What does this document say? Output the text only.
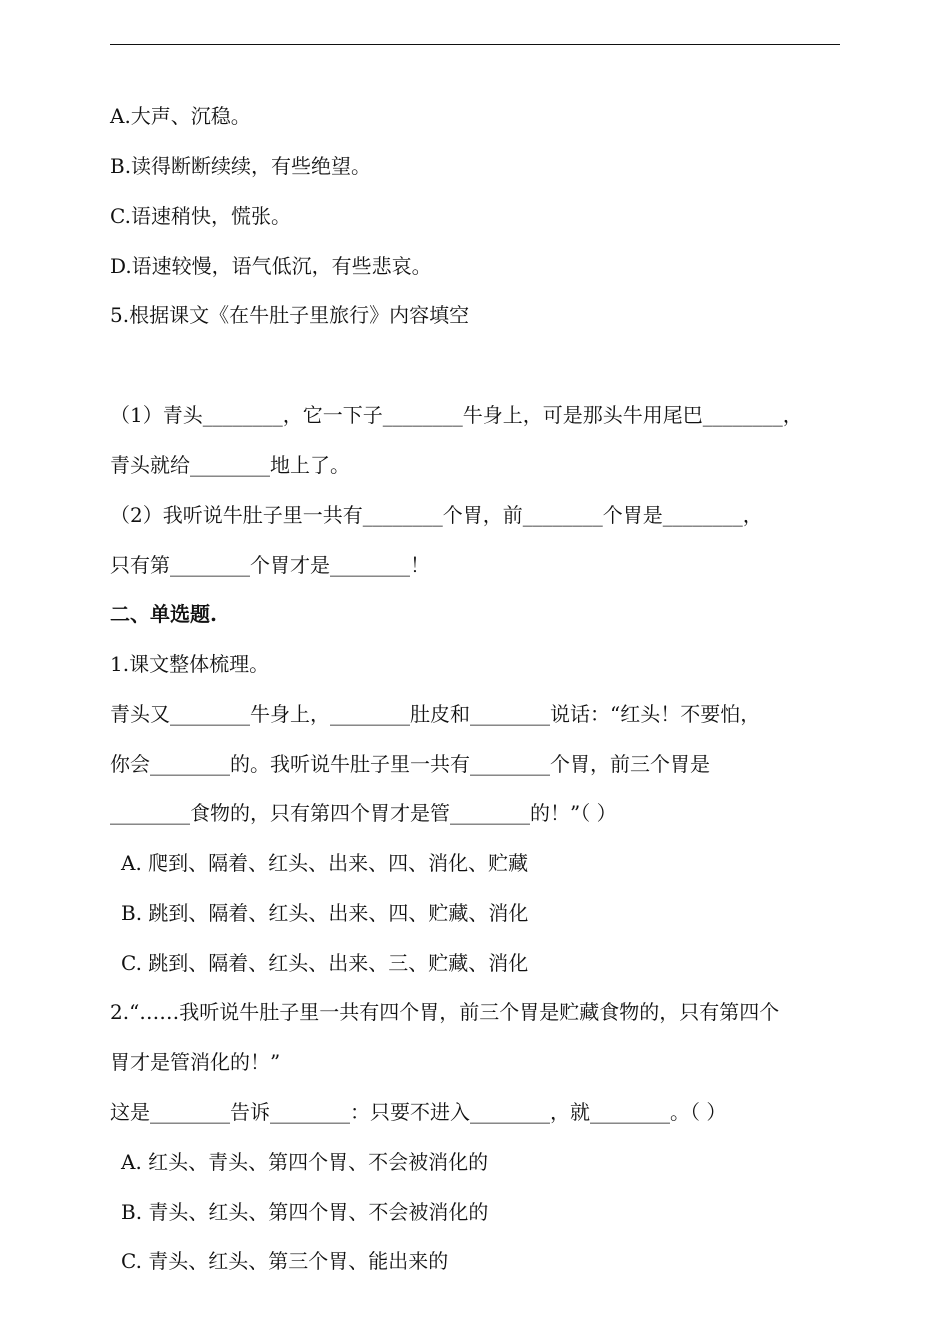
A.大声、沉稳。
B.读得断断续续，有些绝望。
C.语速稍快，慌张。
D.语速较慢，语气低沉，有些悲哀。
5.根据课文《在牛肚子里旅行》内容填空
（1）青头________，它一下子________牛身上，可是那头牛用尾巴________，
青头就给________地上了。
（2）我听说牛肚子里一共有________个胃，前________个胃是________，
只有第________个胃才是________！
二、单选题.
1.课文整体梳理。
青头又________牛身上，________肚皮和________说话：“红头！不要怕，
你会________的。我听说牛肚子里一共有________个胃，前三个胃是
________食物的，只有第四个胃才是管________的！”（ ）
A. 爬到、隔着、红头、出来、四、消化、贮藏
B. 跳到、隔着、红头、出来、四、贮藏、消化
C. 跳到、隔着、红头、出来、三、贮藏、消化
2.“……我听说牛肚子里一共有四个胃，前三个胃是贮藏食物的，只有第四个
胃才是管消化的！”
这是________告诉________：只要不进入________，就________。（ ）
A. 红头、青头、第四个胃、不会被消化的
B. 青头、红头、第四个胃、不会被消化的
C. 青头、红头、第三个胃、能出来的
